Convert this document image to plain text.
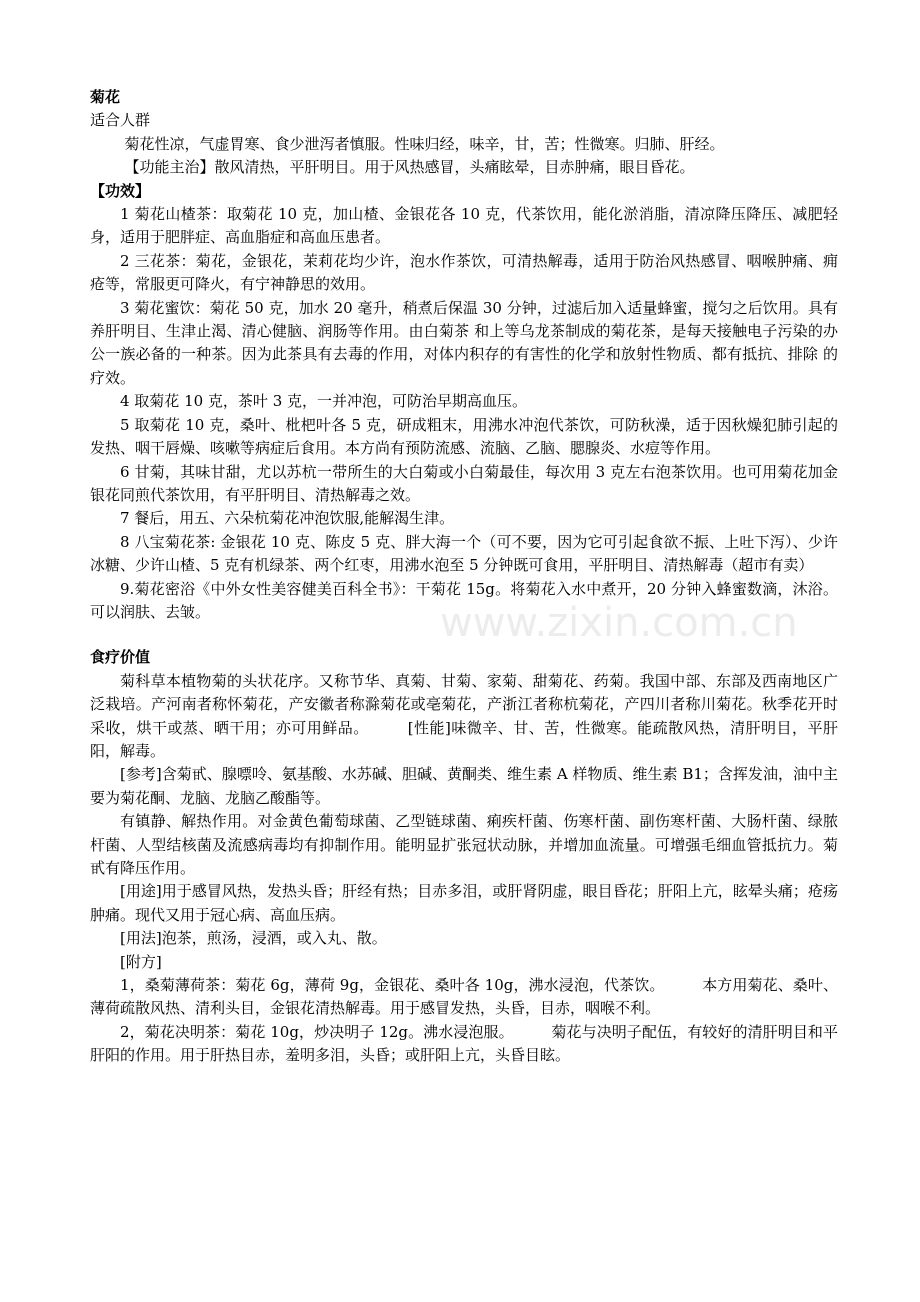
www.zixin.com.cn

菊花

适合人群

菊花性凉，气虚胃寒、食少泄泻者慎服。性味归经，味辛，甘，苦；性微寒。归肺、肝经。

【功能主治】散风清热，平肝明目。用于风热感冒，头痛眩晕，目赤肿痛，眼目昏花。

【功效】

1 菊花山楂茶：取菊花 10 克，加山楂、金银花各 10 克，代茶饮用，能化淤消脂，清凉降压降压、减肥轻身，适用于肥胖症、高血脂症和高血压患者。

2 三花茶：菊花，金银花，茉莉花均少许，泡水作茶饮，可清热解毒，适用于防治风热感冒、咽喉肿痛、痈疮等，常服更可降火，有宁神静思的效用。

3 菊花蜜饮：菊花 50 克，加水 20 毫升，稍煮后保温 30 分钟，过滤后加入适量蜂蜜，搅匀之后饮用。具有养肝明目、生津止渴、清心健脑、润肠等作用。由白菊茶 和上等乌龙茶制成的菊花茶，是每天接触电子污染的办公一族必备的一种茶。因为此茶具有去毒的作用，对体内积存的有害性的化学和放射性物质、都有抵抗、排除 的疗效。

4 取菊花 10 克，茶叶 3 克，一并冲泡，可防治早期高血压。

5 取菊花 10 克，桑叶、枇杷叶各 5 克，研成粗末，用沸水冲泡代茶饮，可防秋澡，适于因秋燥犯肺引起的发热、咽干唇燥、咳嗽等病症后食用。本方尚有预防流感、流脑、乙脑、腮腺炎、水痘等作用。

6 甘菊，其味甘甜，尤以苏杭一带所生的大白菊或小白菊最佳，每次用 3 克左右泡茶饮用。也可用菊花加金银花同煎代茶饮用，有平肝明目、清热解毒之效。

7 餐后，用五、六朵杭菊花冲泡饮服,能解渴生津。

8 八宝菊花茶: 金银花 10 克、陈皮 5 克、胖大海一个（可不要，因为它可引起食欲不振、上吐下泻）、少许冰糖、少许山楂、5 克有机绿茶、两个红枣，用沸水泡至 5 分钟既可食用，平肝明目、清热解毒（超市有卖）

9.菊花密浴《中外女性美容健美百科全书》：干菊花 15g。将菊花入水中煮开，20 分钟入蜂蜜数滴，沐浴。可以润肤、去皱。

食疗价值

菊科草本植物菊的头状花序。又称节华、真菊、甘菊、家菊、甜菊花、药菊。我国中部、东部及西南地区广泛栽培。产河南者称怀菊花，产安徽者称滁菊花或亳菊花，产浙江者称杭菊花，产四川者称川菊花。秋季花开时采收，烘干或蒸、晒干用；亦可用鲜品。　　　[性能]味微辛、甘、苦，性微寒。能疏散风热，清肝明目，平肝阳，解毒。

[参考]含菊甙、腺嘌呤、氨基酸、水苏碱、胆碱、黄酮类、维生素 A 样物质、维生素 B1；含挥发油，油中主要为菊花酮、龙脑、龙脑乙酸酯等。

有镇静、解热作用。对金黄色葡萄球菌、乙型链球菌、痢疾杆菌、伤寒杆菌、副伤寒杆菌、大肠杆菌、绿脓杆菌、人型结核菌及流感病毒均有抑制作用。能明显扩张冠状动脉，并增加血流量。可增强毛细血管抵抗力。菊甙有降压作用。

[用途]用于感冒风热，发热头昏；肝经有热；目赤多泪，或肝肾阴虚，眼目昏花；肝阳上亢，眩晕头痛；疮疡肿痛。现代又用于冠心病、高血压病。

[用法]泡茶，煎汤，浸酒，或入丸、散。

[附方]

1，桑菊薄荷茶：菊花 6g，薄荷 9g，金银花、桑叶各 10g，沸水浸泡，代茶饮。　　　本方用菊花、桑叶、薄荷疏散风热、清利头目，金银花清热解毒。用于感冒发热，头昏，目赤，咽喉不利。

2，菊花决明茶：菊花 10g，炒决明子 12g。沸水浸泡服。　　　菊花与决明子配伍，有较好的清肝明目和平肝阳的作用。用于肝热目赤，羞明多泪，头昏；或肝阳上亢，头昏目眩。
